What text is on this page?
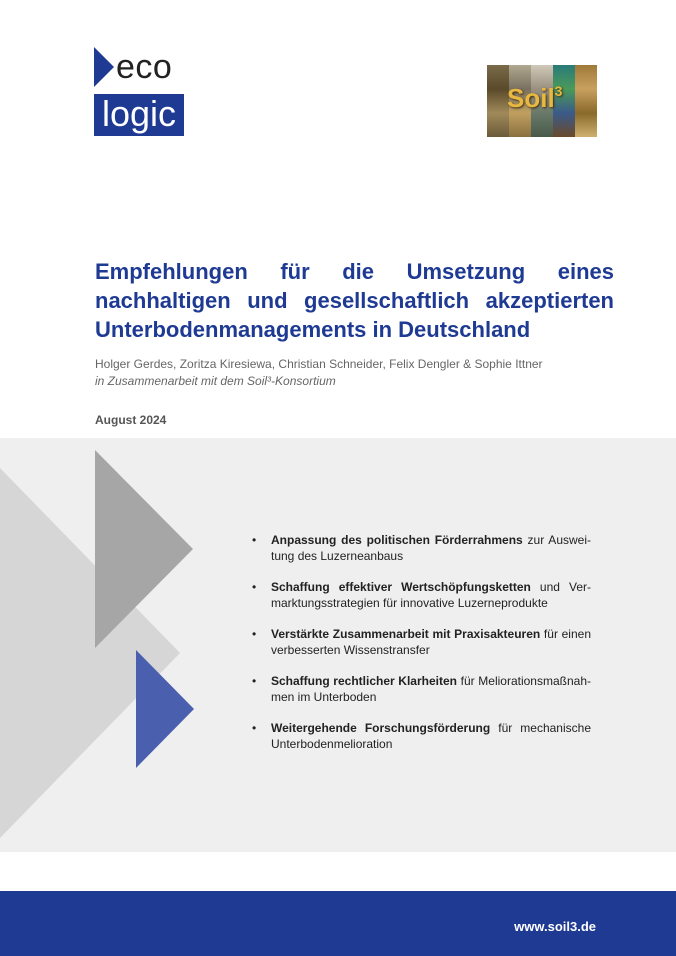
eco
logic	Soil$^3$
Empfehlungen für die Umsetzung eines nachhaltigen und gesellschaftlich akzeptierten Unterbodenmanagements in Deutschland
Holger Gerdes, Zoritza Kiresiewa, Christian Schneider, Felix Dengler & Sophie Ittner
in Zusammenarbeit mit dem Soil³-Konsortium
August 2024
• Anpassung des politischen Förderrahmens zur Auswei-tung des Luzerneanbaus
• Schaffung effektiver Wertschöpfungsketten und Ver-marktungsstrategien für innovative Luzerneprodukte
• Verstärkte Zusammenarbeit mit Praxisakteuren für einen verbesserten Wissenstransfer
• Schaffung rechtlicher Klarheiten für Meliorationsmaßnah-men im Unterboden
• Weitergehende Forschungsförderung für mechanische Unterbodenmelioration
www.soil3.de
